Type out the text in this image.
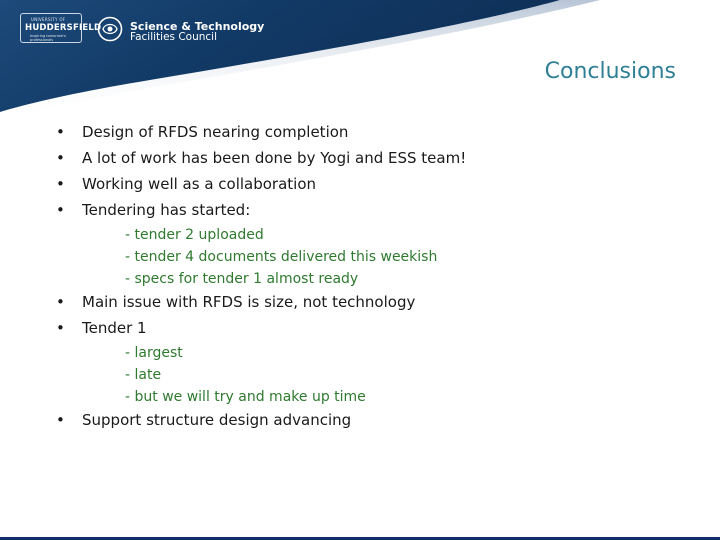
UNIVERSITY OF
HUDDERSFIELD
Inspiring tomorrow's professionals
Science & Technology
Facilities Council
Conclusions
•	Design of RFDS nearing completion
•	A lot of work has been done by Yogi and ESS team!
•	Working well as a collaboration
•	Tendering has started:
- tender 2 uploaded
- tender 4 documents delivered this weekish
- specs for tender 1 almost ready
•	Main issue with RFDS is size, not technology
•	Tender 1
- largest
- late
- but we will try and make up time
•	Support structure design advancing
